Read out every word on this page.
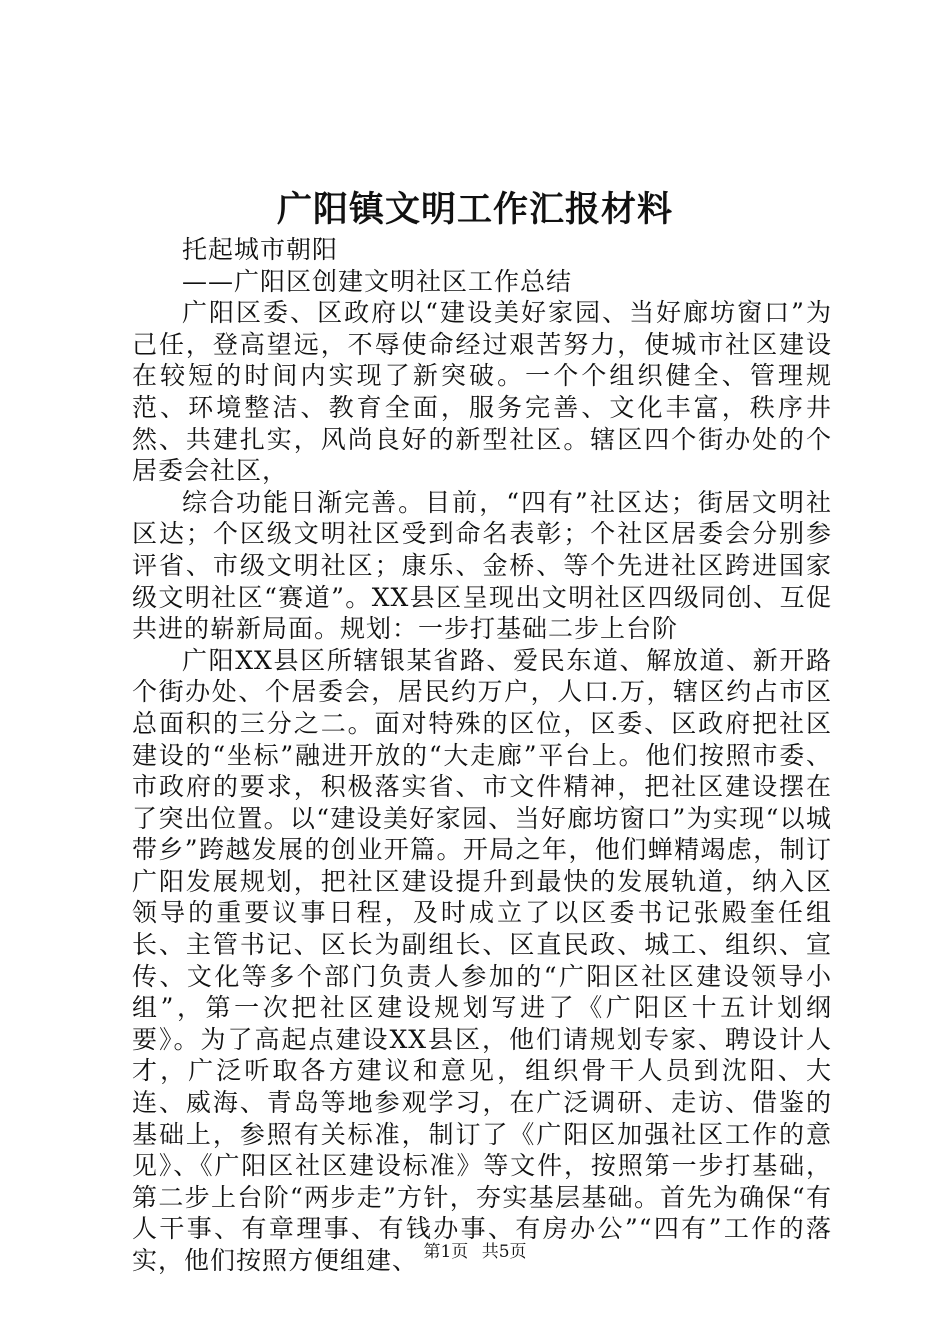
广阳镇文明工作汇报材料

托起城市朝阳

——广阳区创建文明社区工作总结

广阳区委、区政府以“建设美好家园、当好廊坊窗口”为己任，登高望远，不辱使命经过艰苦努力，使城市社区建设在较短的时间内实现了新突破。一个个组织健全、管理规范、环境整洁、教育全面，服务完善、文化丰富，秩序井然、共建扎实，风尚良好的新型社区。辖区四个街办处的个居委会社区，

综合功能日渐完善。目前，“四有”社区达；街居文明社区达；个区级文明社区受到命名表彰；个社区居委会分别参评省、市级文明社区；康乐、金桥、等个先进社区跨进国家级文明社区“赛道”。XX县区呈现出文明社区四级同创、互促共进的崭新局面。规划：一步打基础二步上台阶

广阳XX县区所辖银某省路、爱民东道、解放道、新开路个街办处、个居委会，居民约万户，人口.万，辖区约占市区总面积的三分之二。面对特殊的区位，区委、区政府把社区建设的“坐标”融进开放的“大走廊”平台上。他们按照市委、市政府的要求，积极落实省、市文件精神，把社区建设摆在了突出位置。以“建设美好家园、当好廊坊窗口”为实现“以城带乡”跨越发展的创业开篇。开局之年，他们蝉精竭虑，制订广阳发展规划，把社区建设提升到最快的发展轨道，纳入区领导的重要议事日程，及时成立了以区委书记张殿奎任组长、主管书记、区长为副组长、区直民政、城工、组织、宣传、文化等多个部门负责人参加的“广阳区社区建设领导小组”，第一次把社区建设规划写进了《广阳区十五计划纲要》。为了高起点建设XX县区，他们请规划专家、聘设计人才，广泛听取各方建议和意见，组织骨干人员到沈阳、大连、威海、青岛等地参观学习，在广泛调研、走访、借鉴的基础上，参照有关标准，制订了《广阳区加强社区工作的意见》、《广阳区社区建设标准》等文件，按照第一步打基础，第二步上台阶“两步走”方针，夯实基层基础。首先为确保“有人干事、有章理事、有钱办事、有房办公”“四有”工作的落实，他们按照方便组建、 第1页 共5页
